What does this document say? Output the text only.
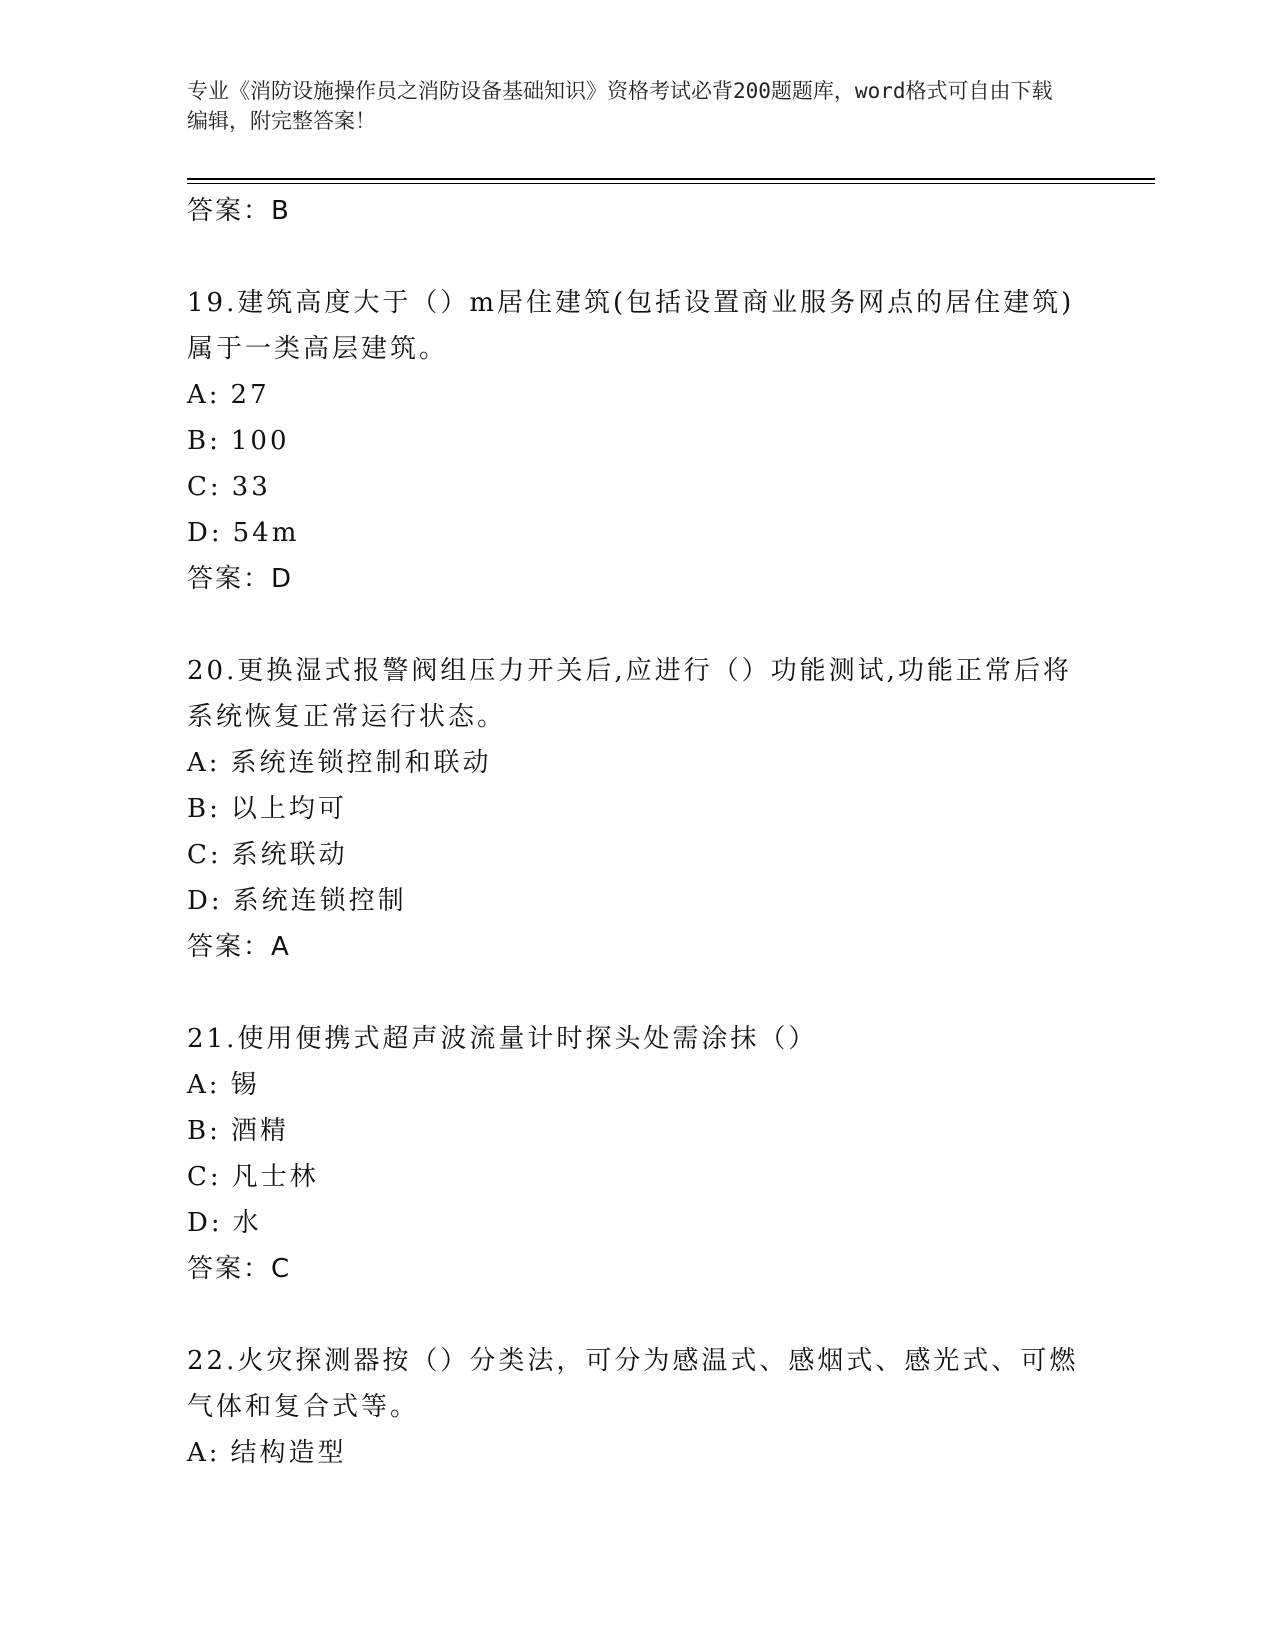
专业《消防设施操作员之消防设备基础知识》资格考试必背200题题库，word格式可自由下载编辑，附完整答案！
答案：B
19.建筑高度大于（）m居住建筑(包括设置商业服务网点的居住建筑)属于一类高层建筑。
A: 27
B: 100
C: 33
D: 54m
答案：D
20.更换湿式报警阀组压力开关后,应进行（）功能测试,功能正常后将系统恢复正常运行状态。
A: 系统连锁控制和联动
B: 以上均可
C: 系统联动
D: 系统连锁控制
答案：A
21.使用便携式超声波流量计时探头处需涂抹（）
A: 锡
B: 酒精
C: 凡士林
D: 水
答案：C
22.火灾探测器按（）分类法，可分为感温式、感烟式、感光式、可燃气体和复合式等。
A: 结构造型
